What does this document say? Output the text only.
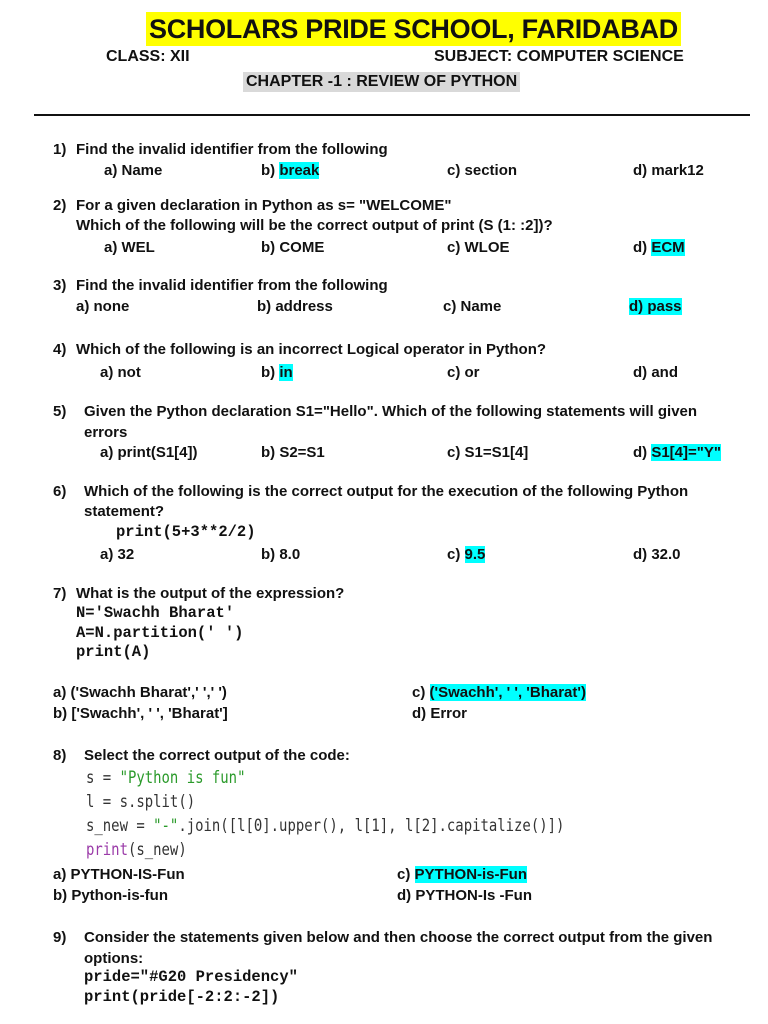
SCHOLARS PRIDE SCHOOL, FARIDABAD
CLASS: XII	SUBJECT: COMPUTER SCIENCE
CHAPTER -1 : REVIEW OF PYTHON
1) Find the invalid identifier from the following
a) Name	b) break	c) section	d) mark12
2) For a given declaration in Python as s= "WELCOME"
Which of the following will be the correct output of print (S (1: :2])?
a) WEL	b) COME	c) WLOE	d) ECM
3) Find the invalid identifier from the following
a) none	b) address	c) Name	d) pass
4) Which of the following is an incorrect Logical operator in Python?
a) not	b) in	c) or	d) and
5) Given the Python declaration S1="Hello". Which of the following statements will given
errors
a) print(S1[4])	b) S2=S1	c) S1=S1[4]	d) S1[4]="Y"
6) Which of the following is the correct output for the execution of the following Python
statement?
print(5+3**2/2)
a) 32	b) 8.0	c) 9.5	d) 32.0
7) What is the output of the expression?
N='Swachh Bharat'
A=N.partition(' ')
print(A)
a) ('Swachh Bharat',' ',' ')
b) ['Swachh', ' ', 'Bharat']
c) ('Swachh', ' ', 'Bharat')
d) Error
8) Select the correct output of the code:
s = "Python is fun"
l = s.split()
s_new = "-".join([l[0].upper(), l[1], l[2].capitalize()])
print(s_new)
a) PYTHON-IS-Fun
b) Python-is-fun
c) PYTHON-is-Fun
d) PYTHON-Is -Fun
9) Consider the statements given below and then choose the correct output from the given
options:
pride="#G20 Presidency"
print(pride[-2:2:-2])
